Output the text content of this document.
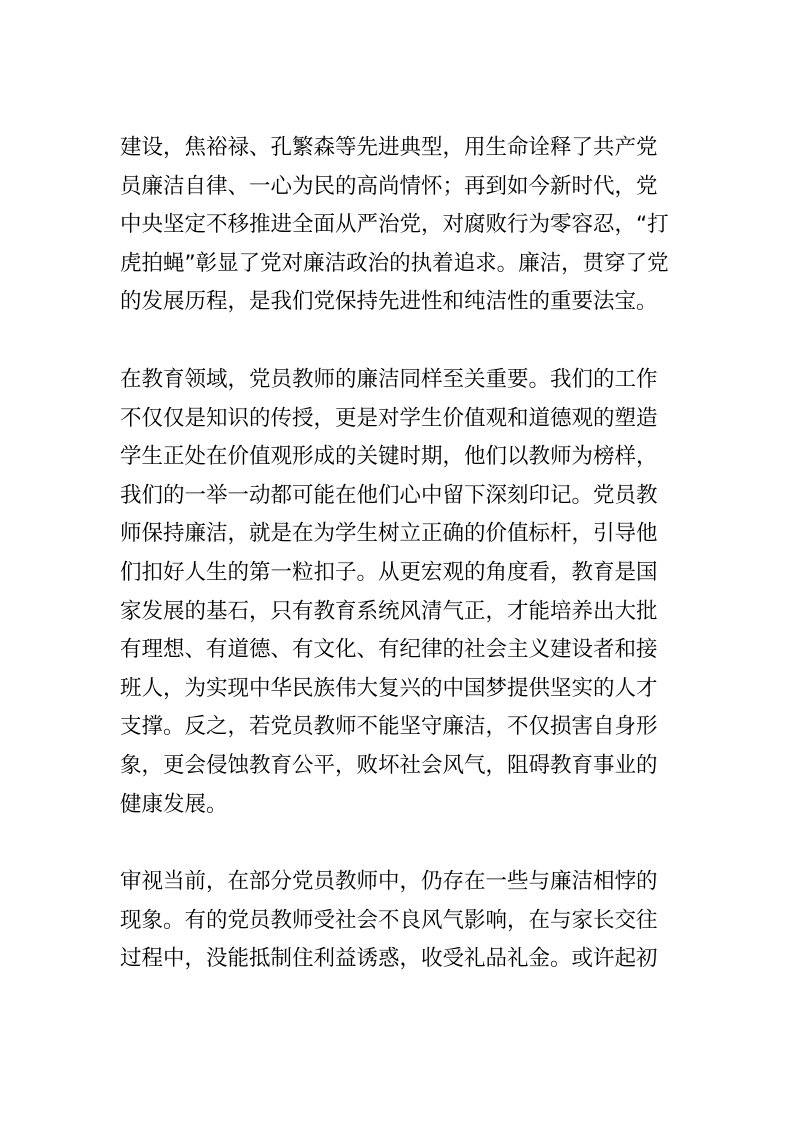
建设，焦裕禄、孔繁森等先进典型，用生命诠释了共产党
员廉洁自律、一心为民的高尚情怀；再到如今新时代，党
中央坚定不移推进全面从严治党，对腐败行为零容忍，“打
虎拍蝇”彰显了党对廉洁政治的执着追求。廉洁，贯穿了党
的发展历程，是我们党保持先进性和纯洁性的重要法宝。

在教育领域，党员教师的廉洁同样至关重要。我们的工作
不仅仅是知识的传授，更是对学生价值观和道德观的塑造
学生正处在价值观形成的关键时期，他们以教师为榜样，
我们的一举一动都可能在他们心中留下深刻印记。党员教
师保持廉洁，就是在为学生树立正确的价值标杆，引导他
们扣好人生的第一粒扣子。从更宏观的角度看，教育是国
家发展的基石，只有教育系统风清气正，才能培养出大批
有理想、有道德、有文化、有纪律的社会主义建设者和接
班人，为实现中华民族伟大复兴的中国梦提供坚实的人才
支撑。反之，若党员教师不能坚守廉洁，不仅损害自身形
象，更会侵蚀教育公平，败坏社会风气，阻碍教育事业的
健康发展。

审视当前，在部分党员教师中，仍存在一些与廉洁相悖的
现象。有的党员教师受社会不良风气影响，在与家长交往
过程中，没能抵制住利益诱惑，收受礼品礼金。或许起初
